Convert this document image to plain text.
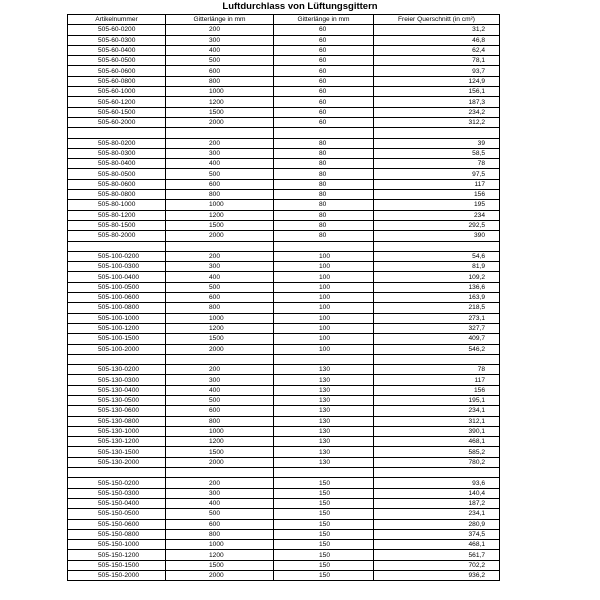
Luftdurchlass von Lüftungsgittern
Artikelnummer	Gitterlänge in mm	Gitterlänge in mm	Freier Querschnitt (in cm²)
505-60-0200	200	60	31,2
505-60-0300	300	60	46,8
505-60-0400	400	60	62,4
505-60-0500	500	60	78,1
505-60-0600	600	60	93,7
505-60-0800	800	60	124,9
505-60-1000	1000	60	156,1
505-60-1200	1200	60	187,3
505-60-1500	1500	60	234,2
505-60-2000	2000	60	312,2

505-80-0200	200	80	39
505-80-0300	300	80	58,5
505-80-0400	400	80	78
505-80-0500	500	80	97,5
505-80-0600	600	80	117
505-80-0800	800	80	156
505-80-1000	1000	80	195
505-80-1200	1200	80	234
505-80-1500	1500	80	292,5
505-80-2000	2000	80	390

505-100-0200	200	100	54,6
505-100-0300	300	100	81,9
505-100-0400	400	100	109,2
505-100-0500	500	100	136,6
505-100-0600	600	100	163,9
505-100-0800	800	100	218,5
505-100-1000	1000	100	273,1
505-100-1200	1200	100	327,7
505-100-1500	1500	100	409,7
505-100-2000	2000	100	546,2

505-130-0200	200	130	78
505-130-0300	300	130	117
505-130-0400	400	130	156
505-130-0500	500	130	195,1
505-130-0600	600	130	234,1
505-130-0800	800	130	312,1
505-130-1000	1000	130	390,1
505-130-1200	1200	130	468,1
505-130-1500	1500	130	585,2
505-130-2000	2000	130	780,2

505-150-0200	200	150	93,6
505-150-0300	300	150	140,4
505-150-0400	400	150	187,2
505-150-0500	500	150	234,1
505-150-0600	600	150	280,9
505-150-0800	800	150	374,5
505-150-1000	1000	150	468,1
505-150-1200	1200	150	561,7
505-150-1500	1500	150	702,2
505-150-2000	2000	150	936,2
